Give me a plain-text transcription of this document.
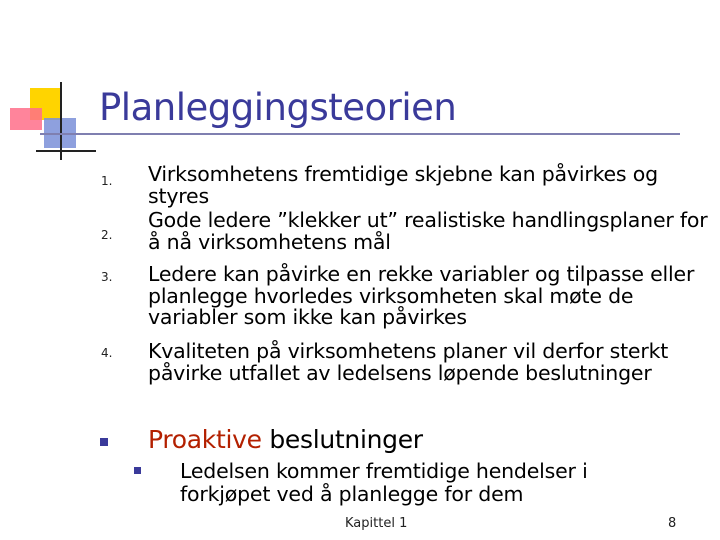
Planleggingsteorien
1. Virksomhetens fremtidige skjebne kan påvirkes og styres
2.
Gode ledere ”klekker ut” realistiske handlingsplaner for å nå virksomhetens mål
3. Ledere kan påvirke en rekke variabler og tilpasse eller planlegge hvorledes virksomheten skal møte de variabler som ikke kan påvirkes
4. Kvaliteten på virksomhetens planer vil derfor sterkt påvirke utfallet av ledelsens løpende beslutninger
Proaktive beslutninger
Ledelsen kommer fremtidige hendelser i forkjøpet ved å planlegge for dem
Kapittel 1	8
